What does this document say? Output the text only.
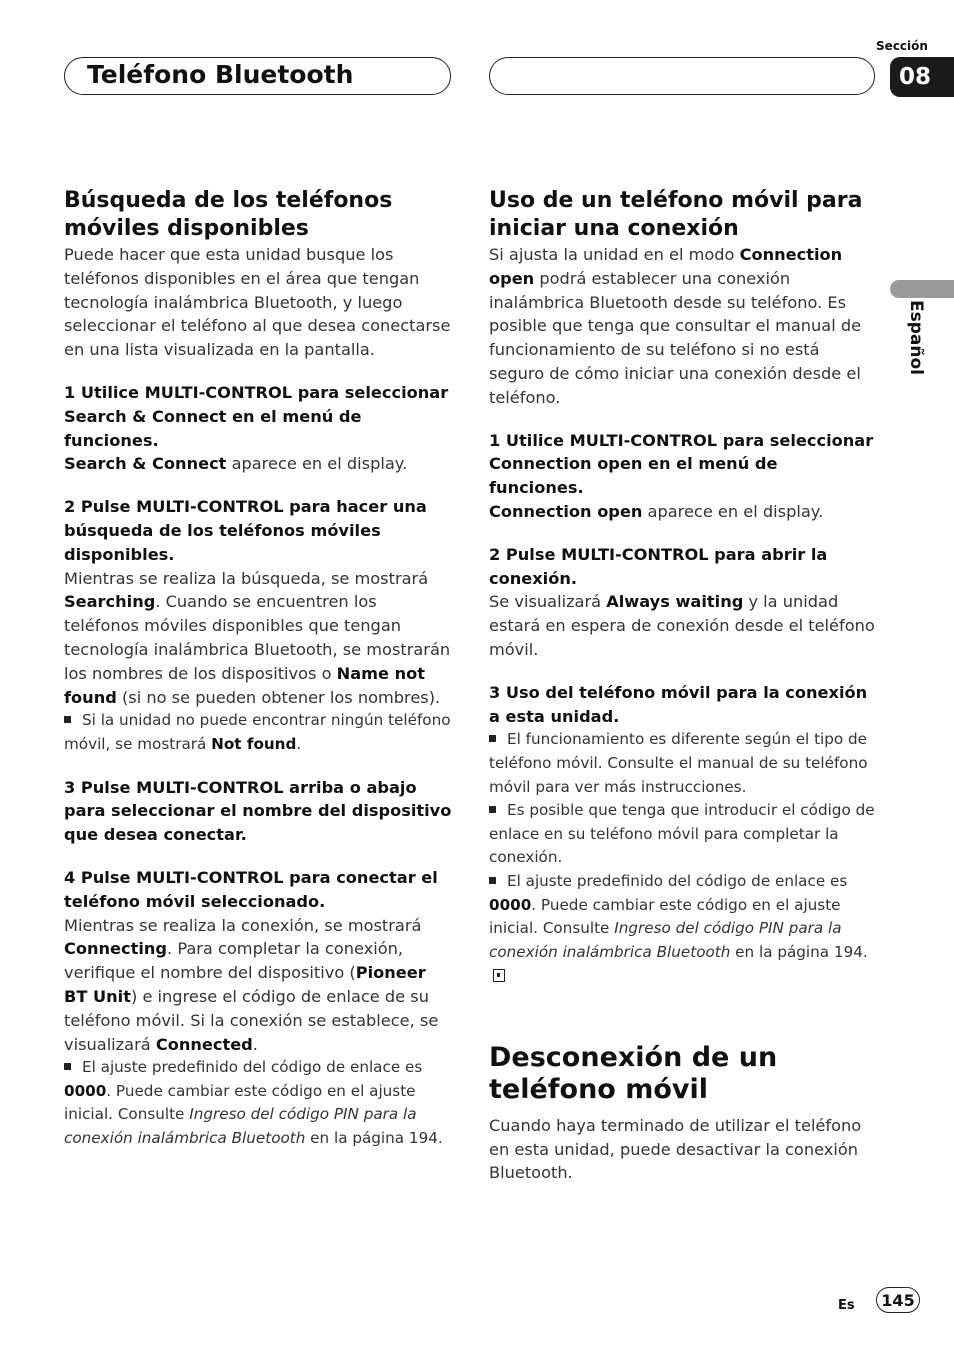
Teléfono Bluetooth
Sección
08
Español
Búsqueda de los teléfonos móviles disponibles

Puede hacer que esta unidad busque los teléfonos disponibles en el área que tengan tecnología inalámbrica Bluetooth, y luego seleccionar el teléfono al que desea conectarse en una lista visualizada en la pantalla.

1 Utilice MULTI-CONTROL para seleccionar Search & Connect en el menú de funciones.

Search & Connect aparece en el display.

2 Pulse MULTI-CONTROL para hacer una búsqueda de los teléfonos móviles disponibles.

Mientras se realiza la búsqueda, se mostrará Searching. Cuando se encuentren los teléfonos móviles disponibles que tengan tecnología inalámbrica Bluetooth, se mostrarán los nombres de los dispositivos o Name not found (si no se pueden obtener los nombres).

Si la unidad no puede encontrar ningún teléfono móvil, se mostrará Not found.

3 Pulse MULTI-CONTROL arriba o abajo para seleccionar el nombre del dispositivo que desea conectar.

4 Pulse MULTI-CONTROL para conectar el teléfono móvil seleccionado.

Mientras se realiza la conexión, se mostrará Connecting. Para completar la conexión, verifique el nombre del dispositivo (Pioneer BT Unit) e ingrese el código de enlace de su teléfono móvil. Si la conexión se establece, se visualizará Connected.

El ajuste predefinido del código de enlace es 0000. Puede cambiar este código en el ajuste inicial. Consulte Ingreso del código PIN para la conexión inalámbrica Bluetooth en la página 194.

Uso de un teléfono móvil para iniciar una conexión

Si ajusta la unidad en el modo Connection open podrá establecer una conexión inalámbrica Bluetooth desde su teléfono. Es posible que tenga que consultar el manual de funcionamiento de su teléfono si no está seguro de cómo iniciar una conexión desde el teléfono.

1 Utilice MULTI-CONTROL para seleccionar Connection open en el menú de funciones.

Connection open aparece en el display.

2 Pulse MULTI-CONTROL para abrir la conexión.

Se visualizará Always waiting y la unidad estará en espera de conexión desde el teléfono móvil.

3 Uso del teléfono móvil para la conexión a esta unidad.

El funcionamiento es diferente según el tipo de teléfono móvil. Consulte el manual de su teléfono móvil para ver más instrucciones.

Es posible que tenga que introducir el código de enlace en su teléfono móvil para completar la conexión.

El ajuste predefinido del código de enlace es 0000. Puede cambiar este código en el ajuste inicial. Consulte Ingreso del código PIN para la conexión inalámbrica Bluetooth en la página 194.

Desconexión de un teléfono móvil

Cuando haya terminado de utilizar el teléfono en esta unidad, puede desactivar la conexión Bluetooth.

Es	145
